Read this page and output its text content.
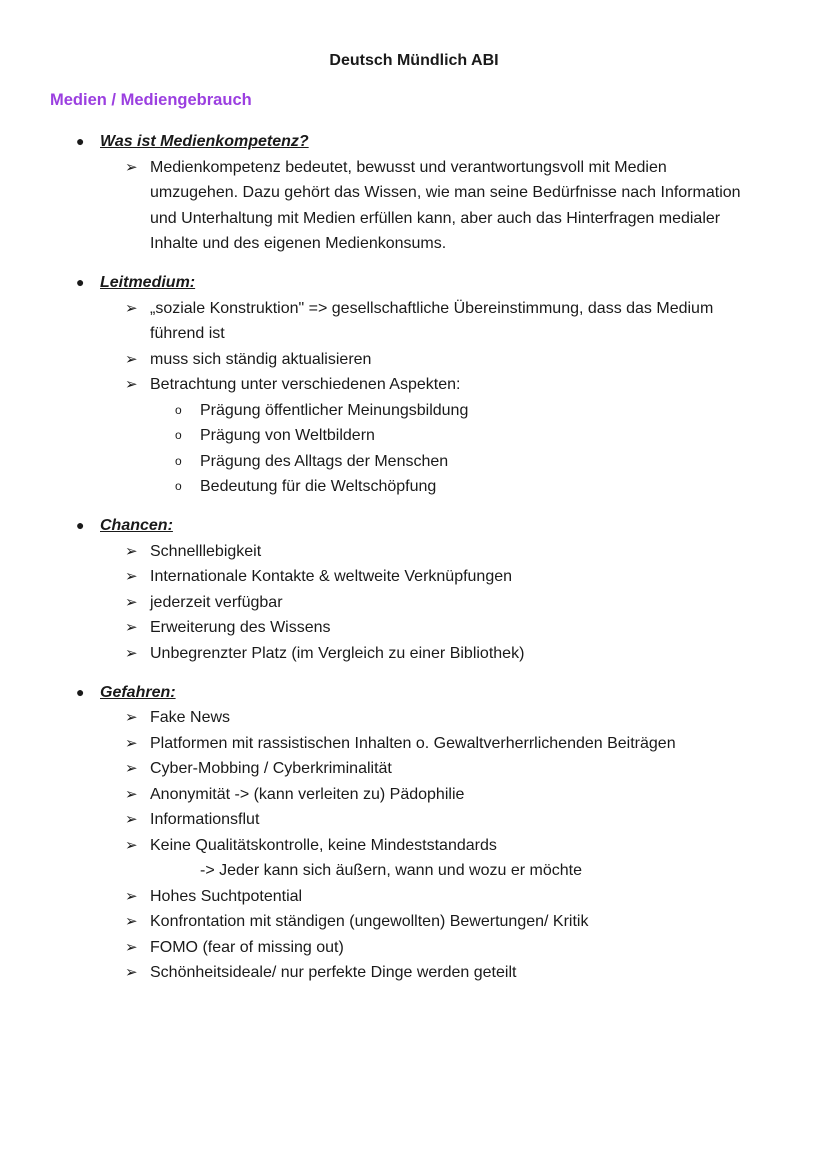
Deutsch Mündlich ABI
Medien / Mediengebrauch
● Was ist Medienkompetenz?
➢ Medienkompetenz bedeutet, bewusst und verantwortungsvoll mit Medien
umzugehen. Dazu gehört das Wissen, wie man seine Bedürfnisse nach Information
und Unterhaltung mit Medien erfüllen kann, aber auch das Hinterfragen medialer
Inhalte und des eigenen Medienkonsums.
● Leitmedium:
➢ „soziale Konstruktion" => gesellschaftliche Übereinstimmung, dass das Medium
führend ist
➢ muss sich ständig aktualisieren
➢ Betrachtung unter verschiedenen Aspekten:
o Prägung öffentlicher Meinungsbildung
o Prägung von Weltbildern
o Prägung des Alltags der Menschen
o Bedeutung für die Weltschöpfung
● Chancen:
➢ Schnelllebigkeit
➢ Internationale Kontakte & weltweite Verknüpfungen
➢ jederzeit verfügbar
➢ Erweiterung des Wissens
➢ Unbegrenzter Platz (im Vergleich zu einer Bibliothek)
● Gefahren:
➢ Fake News
➢ Platformen mit rassistischen Inhalten o. Gewaltverherrlichenden Beiträgen
➢ Cyber-Mobbing / Cyberkriminalität
➢ Anonymität -> (kann verleiten zu) Pädophilie
➢ Informationsflut
➢ Keine Qualitätskontrolle, keine Mindeststandards
-> Jeder kann sich äußern, wann und wozu er möchte
➢ Hohes Suchtpotential
➢ Konfrontation mit ständigen (ungewollten) Bewertungen/ Kritik
➢ FOMO (fear of missing out)
➢ Schönheitsideale/ nur perfekte Dinge werden geteilt
